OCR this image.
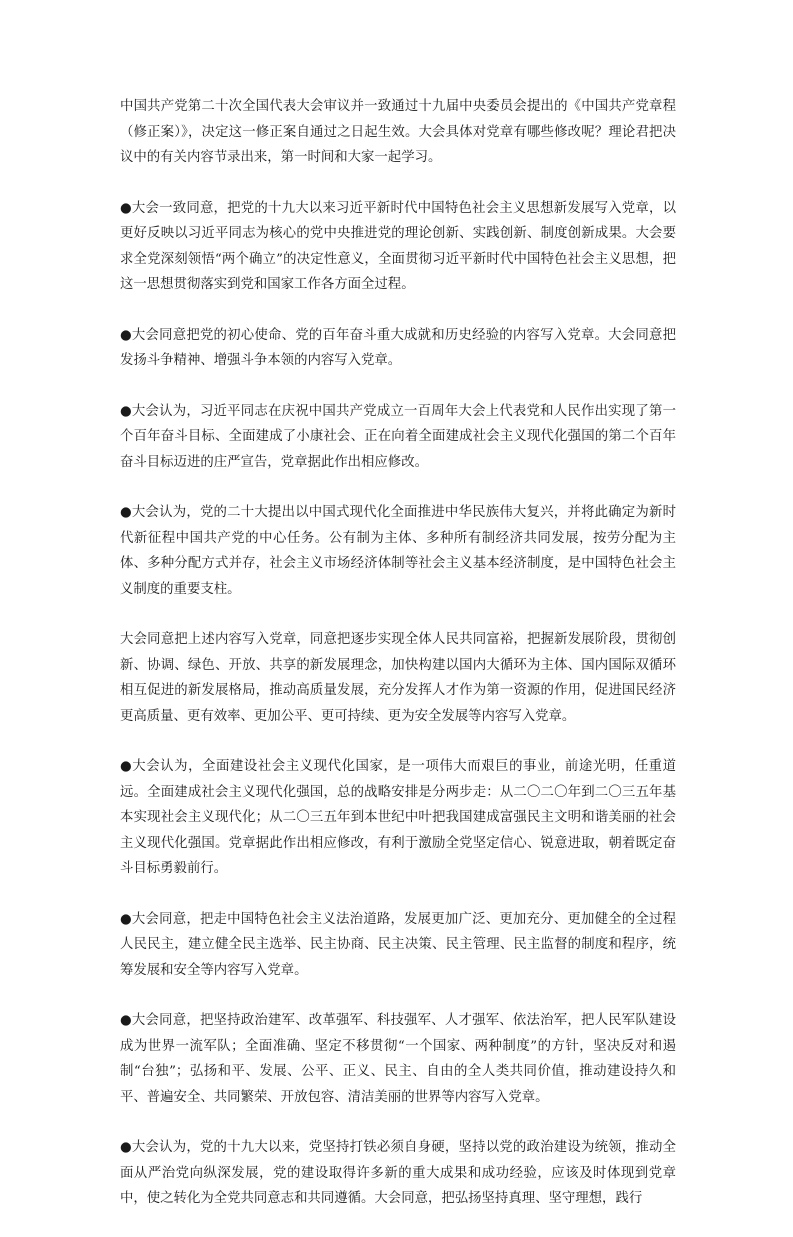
中国共产党第二十次全国代表大会审议并一致通过十九届中央委员会提出的《中国共产党章程（修正案）》，决定这一修正案自通过之日起生效。大会具体对党章有哪些修改呢？理论君把决议中的有关内容节录出来，第一时间和大家一起学习。

●大会一致同意，把党的十九大以来习近平新时代中国特色社会主义思想新发展写入党章，以更好反映以习近平同志为核心的党中央推进党的理论创新、实践创新、制度创新成果。大会要求全党深刻领悟“两个确立”的决定性意义，全面贯彻习近平新时代中国特色社会主义思想，把这一思想贯彻落实到党和国家工作各方面全过程。

●大会同意把党的初心使命、党的百年奋斗重大成就和历史经验的内容写入党章。大会同意把发扬斗争精神、增强斗争本领的内容写入党章。

●大会认为，习近平同志在庆祝中国共产党成立一百周年大会上代表党和人民作出实现了第一个百年奋斗目标、全面建成了小康社会、正在向着全面建成社会主义现代化强国的第二个百年奋斗目标迈进的庄严宣告，党章据此作出相应修改。

●大会认为，党的二十大提出以中国式现代化全面推进中华民族伟大复兴，并将此确定为新时代新征程中国共产党的中心任务。公有制为主体、多种所有制经济共同发展，按劳分配为主体、多种分配方式并存，社会主义市场经济体制等社会主义基本经济制度，是中国特色社会主义制度的重要支柱。

大会同意把上述内容写入党章，同意把逐步实现全体人民共同富裕，把握新发展阶段，贯彻创新、协调、绿色、开放、共享的新发展理念，加快构建以国内大循环为主体、国内国际双循环相互促进的新发展格局，推动高质量发展，充分发挥人才作为第一资源的作用，促进国民经济更高质量、更有效率、更加公平、更可持续、更为安全发展等内容写入党章。

●大会认为，全面建设社会主义现代化国家，是一项伟大而艰巨的事业，前途光明，任重道远。全面建成社会主义现代化强国，总的战略安排是分两步走：从二〇二〇年到二〇三五年基本实现社会主义现代化；从二〇三五年到本世纪中叶把我国建成富强民主文明和谐美丽的社会主义现代化强国。党章据此作出相应修改，有利于激励全党坚定信心、锐意进取，朝着既定奋斗目标勇毅前行。

●大会同意，把走中国特色社会主义法治道路，发展更加广泛、更加充分、更加健全的全过程人民民主，建立健全民主选举、民主协商、民主决策、民主管理、民主监督的制度和程序，统筹发展和安全等内容写入党章。

●大会同意，把坚持政治建军、改革强军、科技强军、人才强军、依法治军，把人民军队建设成为世界一流军队；全面准确、坚定不移贯彻“一个国家、两种制度”的方针，坚决反对和遏制“台独”；弘扬和平、发展、公平、正义、民主、自由的全人类共同价值，推动建设持久和平、普遍安全、共同繁荣、开放包容、清洁美丽的世界等内容写入党章。

●大会认为，党的十九大以来，党坚持打铁必须自身硬，坚持以党的政治建设为统领，推动全面从严治党向纵深发展，党的建设取得许多新的重大成果和成功经验，应该及时体现到党章中，使之转化为全党共同意志和共同遵循。大会同意，把弘扬坚持真理、坚守理想，践行
